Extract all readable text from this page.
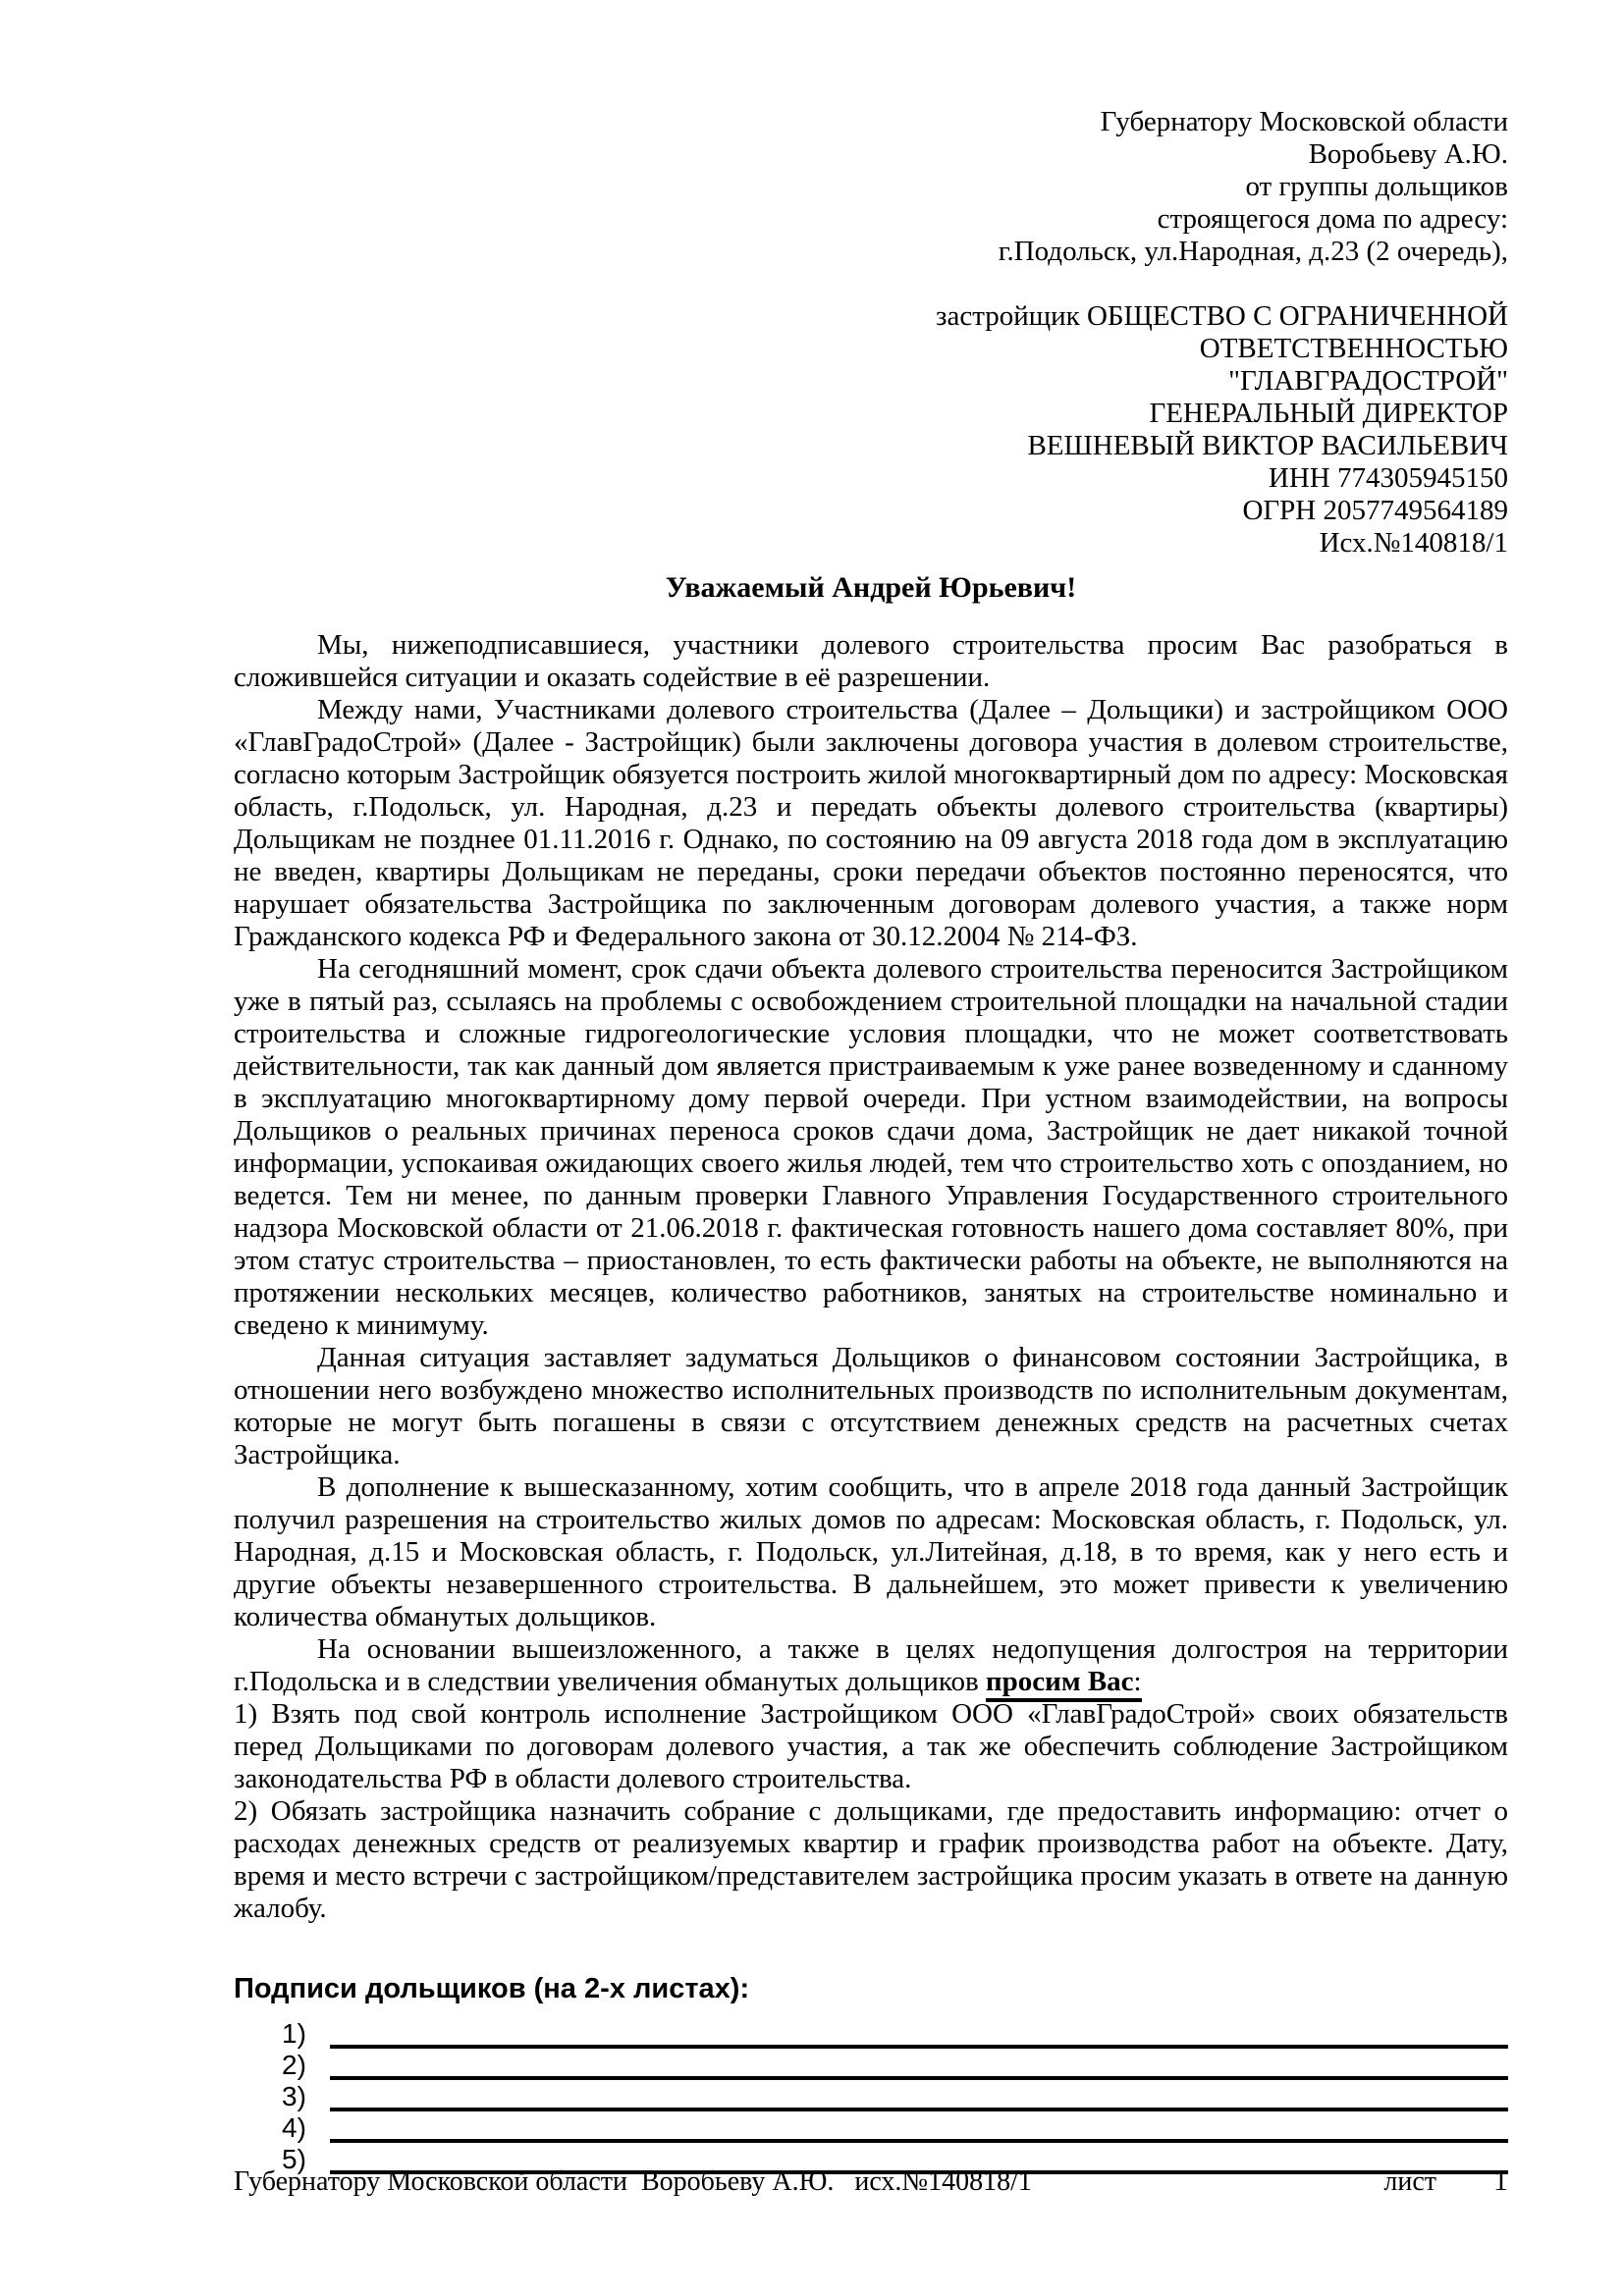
Губернатору Московской области
Воробьеву А.Ю.
от группы дольщиков
строящегося дома по адресу:
г.Подольск, ул.Народная, д.23 (2 очередь),
застройщик ОБЩЕСТВО С ОГРАНИЧЕННОЙ
ОТВЕТСТВЕННОСТЬЮ
"ГЛАВГРАДОСТРОЙ"
ГЕНЕРАЛЬНЫЙ ДИРЕКТОР
ВЕШНЕВЫЙ ВИКТОР ВАСИЛЬЕВИЧ
ИНН 774305945150
ОГРН 2057749564189
Исх.№140818/1
Уважаемый Андрей Юрьевич!

Мы, нижеподписавшиеся, участники долевого строительства просим Вас разобраться в сложившейся ситуации и оказать содействие в её разрешении.

Между нами, Участниками долевого строительства (Далее – Дольщики) и застройщиком ООО «ГлавГрадоСтрой» (Далее - Застройщик) были заключены договора участия в долевом строительстве, согласно которым Застройщик обязуется построить жилой многоквартирный дом по адресу: Московская область, г.Подольск, ул. Народная, д.23 и передать объекты долевого строительства (квартиры) Дольщикам не позднее 01.11.2016 г. Однако, по состоянию на 09 августа 2018 года дом в эксплуатацию не введен, квартиры Дольщикам не переданы, сроки передачи объектов постоянно переносятся, что нарушает обязательства Застройщика по заключенным договорам долевого участия, а также норм Гражданского кодекса РФ и Федерального закона от 30.12.2004 № 214-ФЗ.

На сегодняшний момент, срок сдачи объекта долевого строительства переносится Застройщиком уже в пятый раз, ссылаясь на проблемы с освобождением строительной площадки на начальной стадии строительства и сложные гидрогеологические условия площадки, что не может соответствовать действительности, так как данный дом является пристраиваемым к уже ранее возведенному и сданному в эксплуатацию многоквартирному дому первой очереди. При устном взаимодействии, на вопросы Дольщиков о реальных причинах переноса сроков сдачи дома, Застройщик не дает никакой точной информации, успокаивая ожидающих своего жилья людей, тем что строительство хоть с опозданием, но ведется. Тем ни менее, по данным проверки Главного Управления Государственного строительного надзора Московской области от 21.06.2018 г. фактическая готовность нашего дома составляет 80%, при этом статус строительства – приостановлен, то есть фактически работы на объекте, не выполняются на протяжении нескольких месяцев, количество работников, занятых на строительстве номинально и сведено к минимуму.

Данная ситуация заставляет задуматься Дольщиков о финансовом состоянии Застройщика, в отношении него возбуждено множество исполнительных производств по исполнительным документам, которые не могут быть погашены в связи с отсутствием денежных средств на расчетных счетах Застройщика.

В дополнение к вышесказанному, хотим сообщить, что в апреле 2018 года данный Застройщик получил разрешения на строительство жилых домов по адресам: Московская область, г. Подольск, ул. Народная, д.15 и Московская область, г. Подольск, ул.Литейная, д.18, в то время, как у него есть и другие объекты незавершенного строительства. В дальнейшем, это может привести к увеличению количества обманутых дольщиков.

На основании вышеизложенного, а также в целях недопущения долгостроя на территории г.Подольска и в следствии увеличения обманутых дольщиков просим Вас:

1) Взять под свой контроль исполнение Застройщиком ООО «ГлавГрадоСтрой» своих обязательств перед Дольщиками по договорам долевого участия, а так же обеспечить соблюдение Застройщиком законодательства РФ в области долевого строительства.

2) Обязать застройщика назначить собрание с дольщиками, где предоставить информацию: отчет о расходах денежных средств от реализуемых квартир и график производства работ на объекте. Дату, время и место встречи с застройщиком/представителем застройщика просим указать в ответе на данную жалобу.

Подписи дольщиков (на 2-х листах):
1)
2)
3)
4)
5)
Губернатору Московской области  Воробьеву А.Ю.   исх.№140818/1	лист 1
